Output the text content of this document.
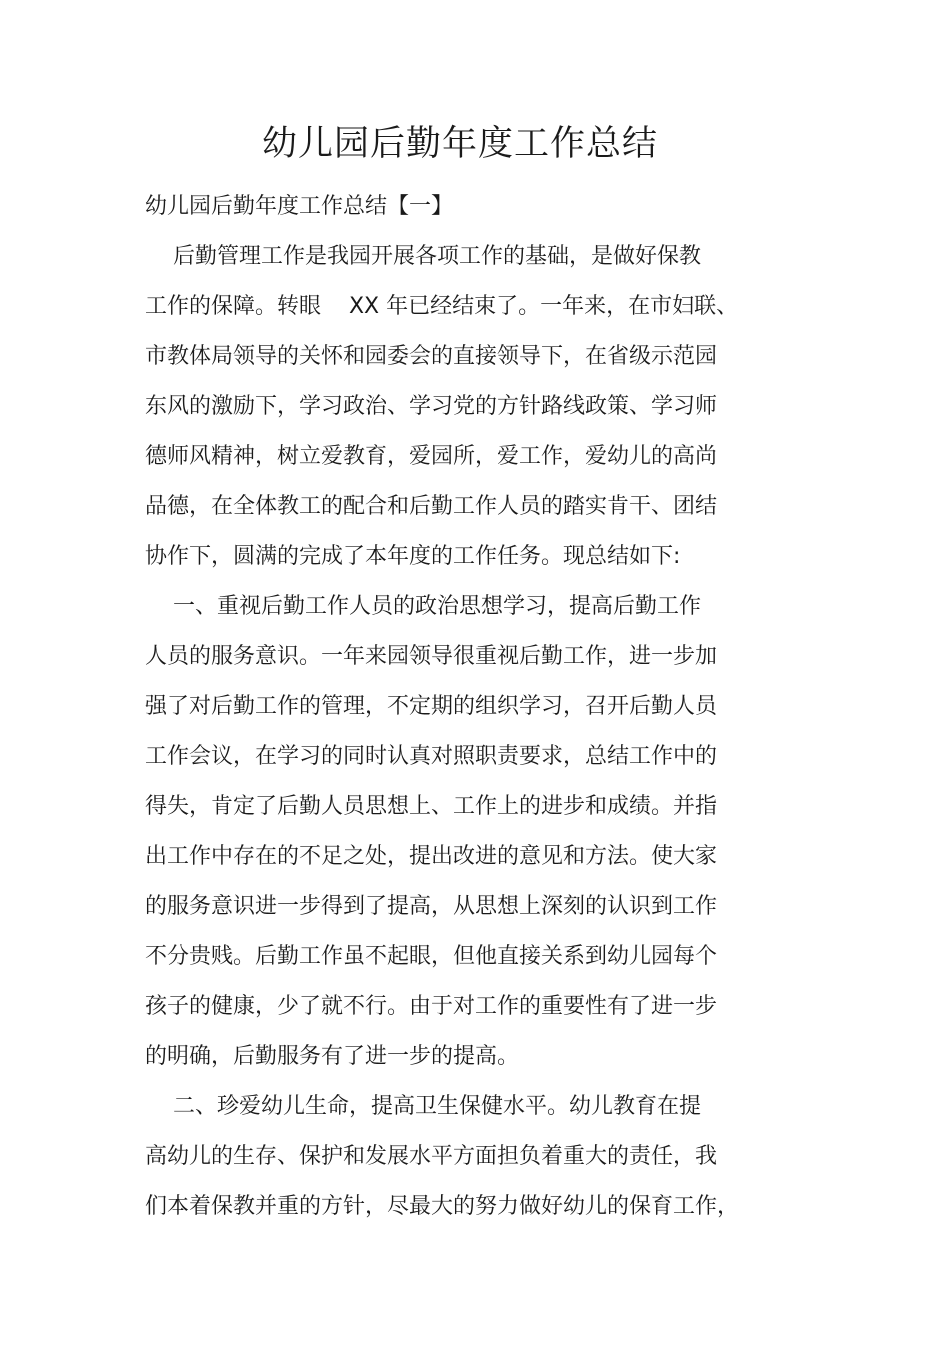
幼儿园后勤年度工作总结

幼儿园后勤年度工作总结【一】

后勤管理工作是我园开展各项工作的基础，是做好保教

工作的保障。转眼    XX 年已经结束了。一年来，在市妇联、

市教体局领导的关怀和园委会的直接领导下，在省级示范园

东风的激励下，学习政治、学习党的方针路线政策、学习师

德师风精神，树立爱教育，爱园所，爱工作，爱幼儿的高尚

品德，在全体教工的配合和后勤工作人员的踏实肯干、团结

协作下，圆满的完成了本年度的工作任务。现总结如下:

一、重视后勤工作人员的政治思想学习，提高后勤工作

人员的服务意识。一年来园领导很重视后勤工作，进一步加

强了对后勤工作的管理，不定期的组织学习，召开后勤人员

工作会议，在学习的同时认真对照职责要求，总结工作中的

得失，肯定了后勤人员思想上、工作上的进步和成绩。并指

出工作中存在的不足之处，提出改进的意见和方法。使大家

的服务意识进一步得到了提高，从思想上深刻的认识到工作

不分贵贱。后勤工作虽不起眼，但他直接关系到幼儿园每个

孩子的健康，少了就不行。由于对工作的重要性有了进一步

的明确，后勤服务有了进一步的提高。

二、珍爱幼儿生命，提高卫生保健水平。幼儿教育在提

高幼儿的生存、保护和发展水平方面担负着重大的责任，我

们本着保教并重的方针，尽最大的努力做好幼儿的保育工作，
